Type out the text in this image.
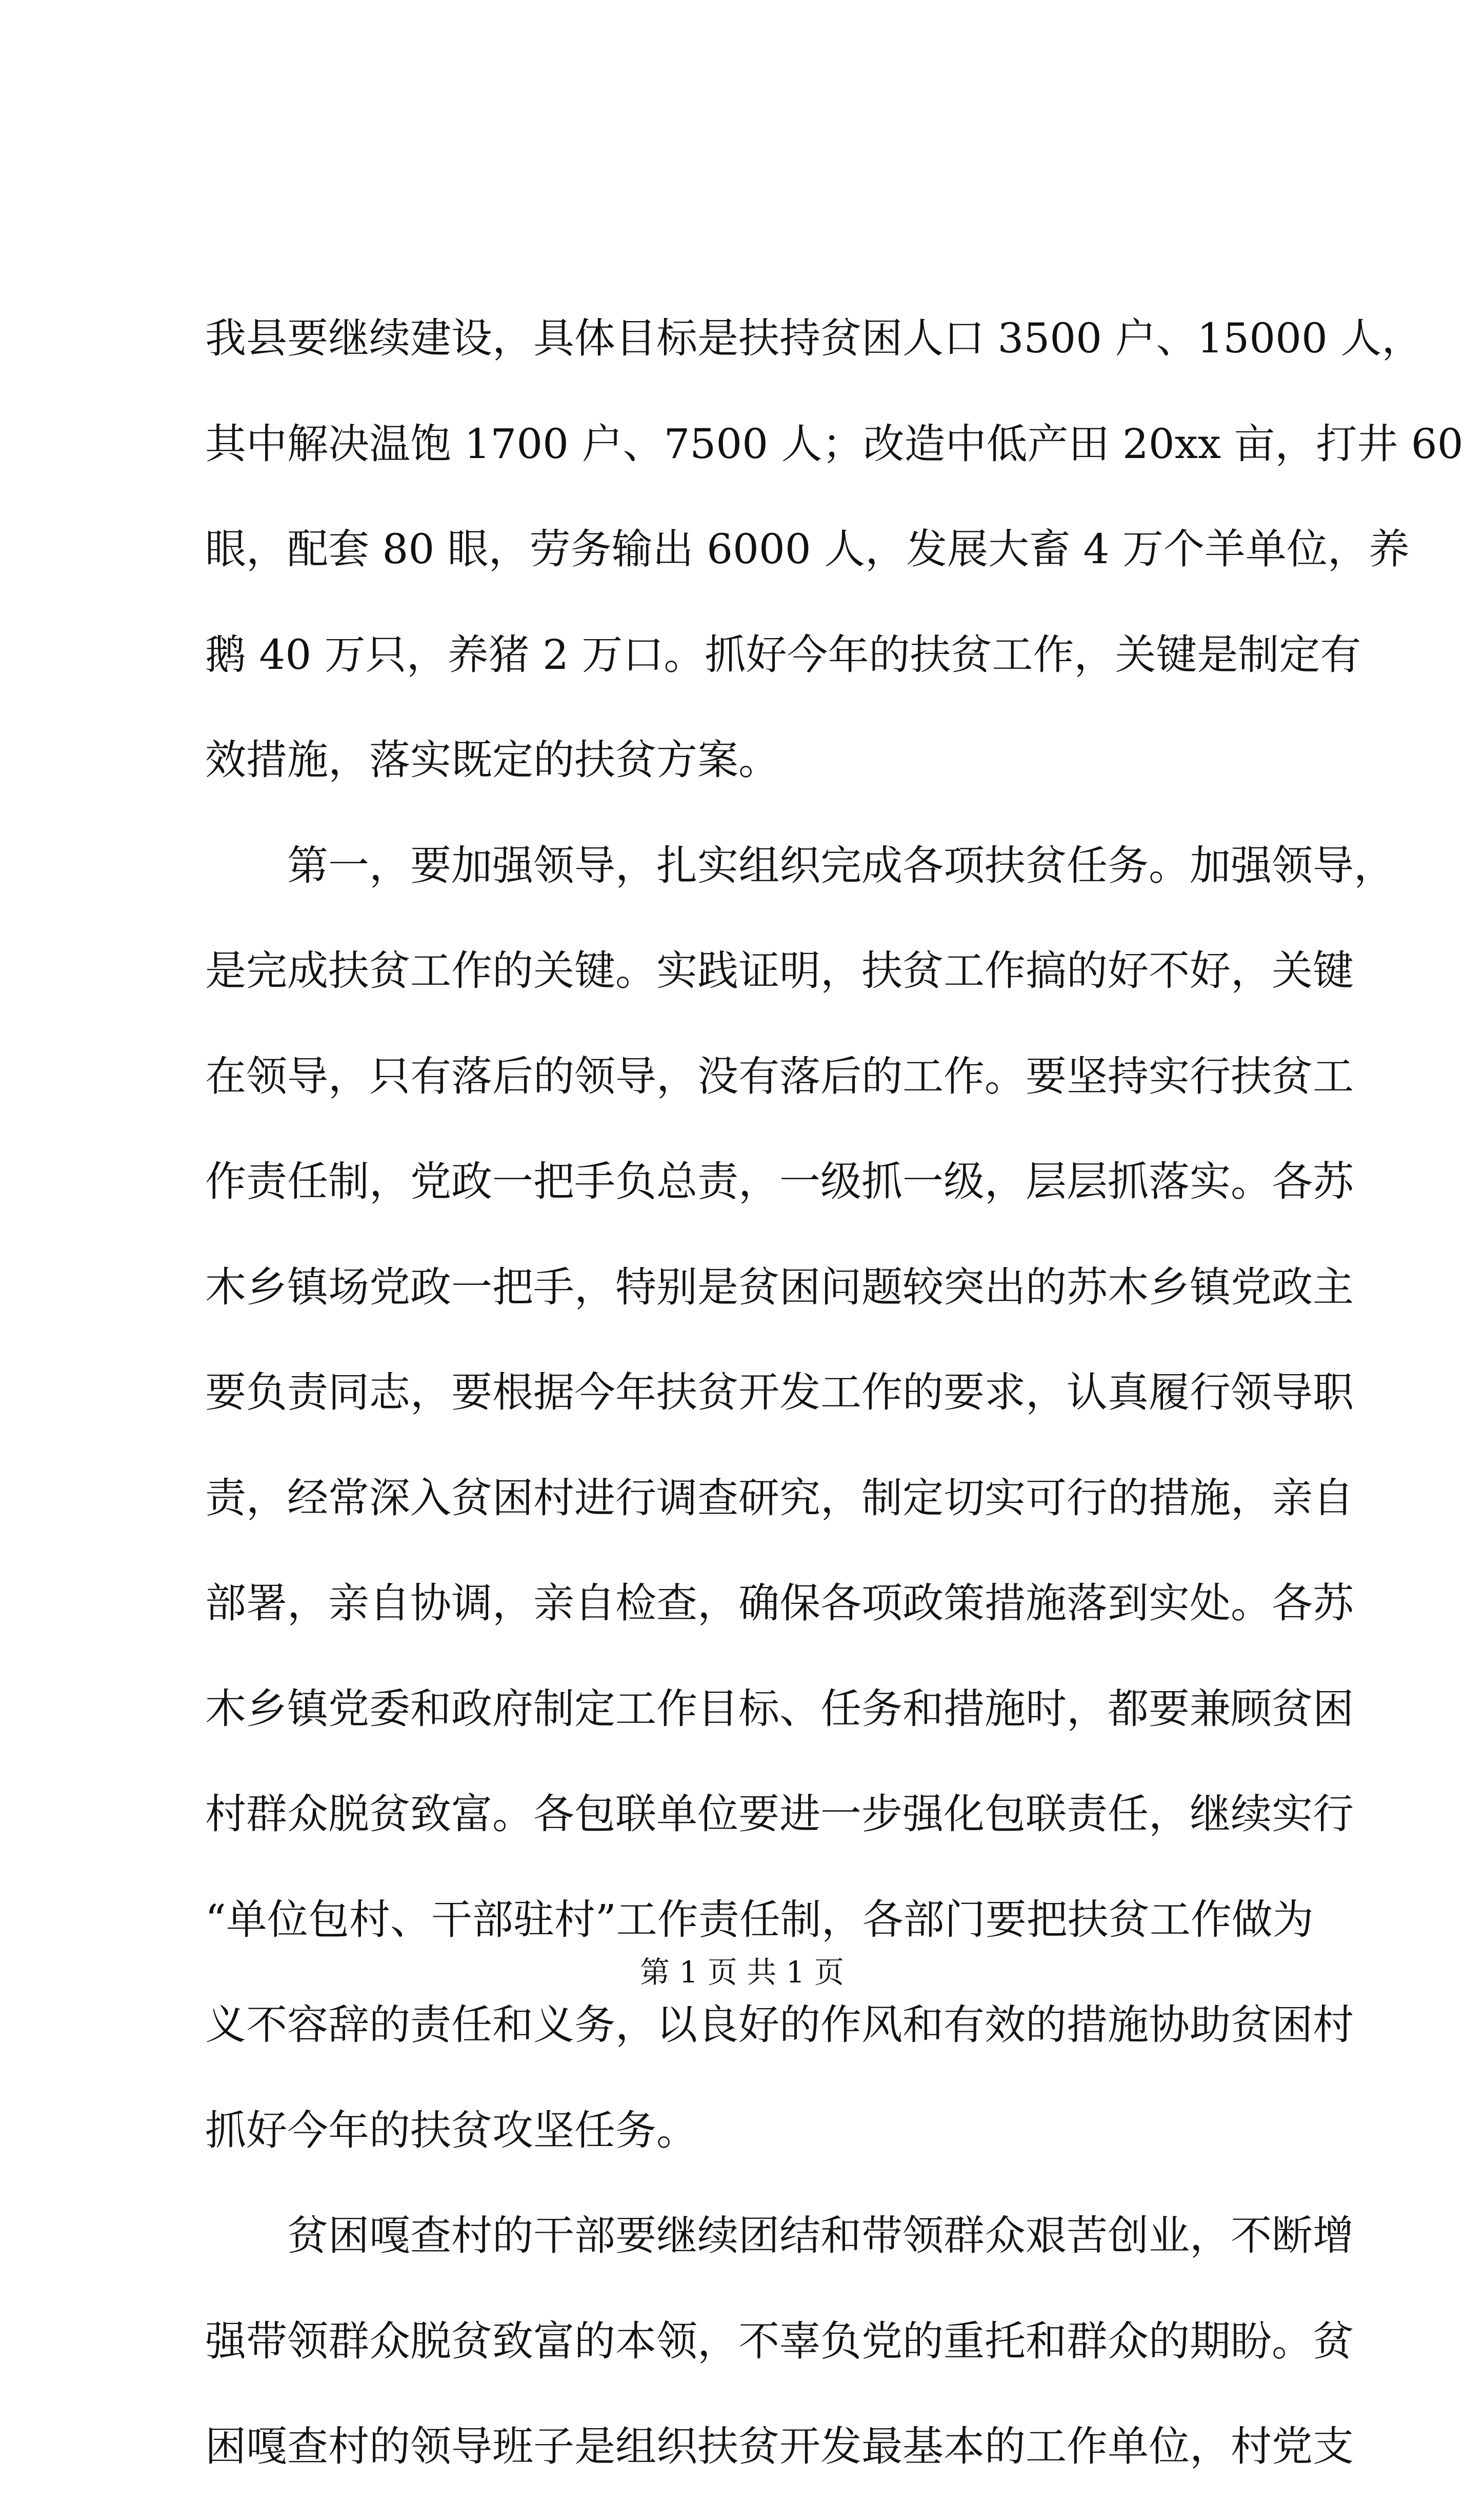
我县要继续建设，具体目标是扶持贫困人口 3500 户、15000 人，
其中解决温饱 1700 户、7500 人；改造中低产田 20xx 亩，打井 60
眼，配套 80 眼，劳务输出 6000 人，发展大畜 4 万个羊单位，养
鹅 40 万只，养猪 2 万口。抓好今年的扶贫工作，关键是制定有
效措施，落实既定的扶贫方案。
第一，要加强领导，扎实组织完成各项扶贫任务。加强领导，
是完成扶贫工作的关键。实践证明，扶贫工作搞的好不好，关键
在领导，只有落后的领导，没有落后的工作。要坚持实行扶贫工
作责任制，党政一把手负总责，一级抓一级，层层抓落实。各苏
木乡镇场党政一把手，特别是贫困问题较突出的苏木乡镇党政主
要负责同志，要根据今年扶贫开发工作的要求，认真履行领导职
责，经常深入贫困村进行调查研究，制定切实可行的措施，亲自
部署，亲自协调，亲自检查，确保各项政策措施落到实处。各苏
木乡镇党委和政府制定工作目标、任务和措施时，都要兼顾贫困
村群众脱贫致富。各包联单位要进一步强化包联责任，继续实行
“单位包村、干部驻村”工作责任制，各部门要把扶贫工作做为
义不容辞的责任和义务，以良好的作风和有效的措施协助贫困村
抓好今年的扶贫攻坚任务。
贫困嘎查村的干部要继续团结和带领群众艰苦创业，不断增
强带领群众脱贫致富的本领，不辜负党的重托和群众的期盼。贫
困嘎查村的领导班子是组织扶贫开发最基本的工作单位，村党支
第 1 页 共 1 页
